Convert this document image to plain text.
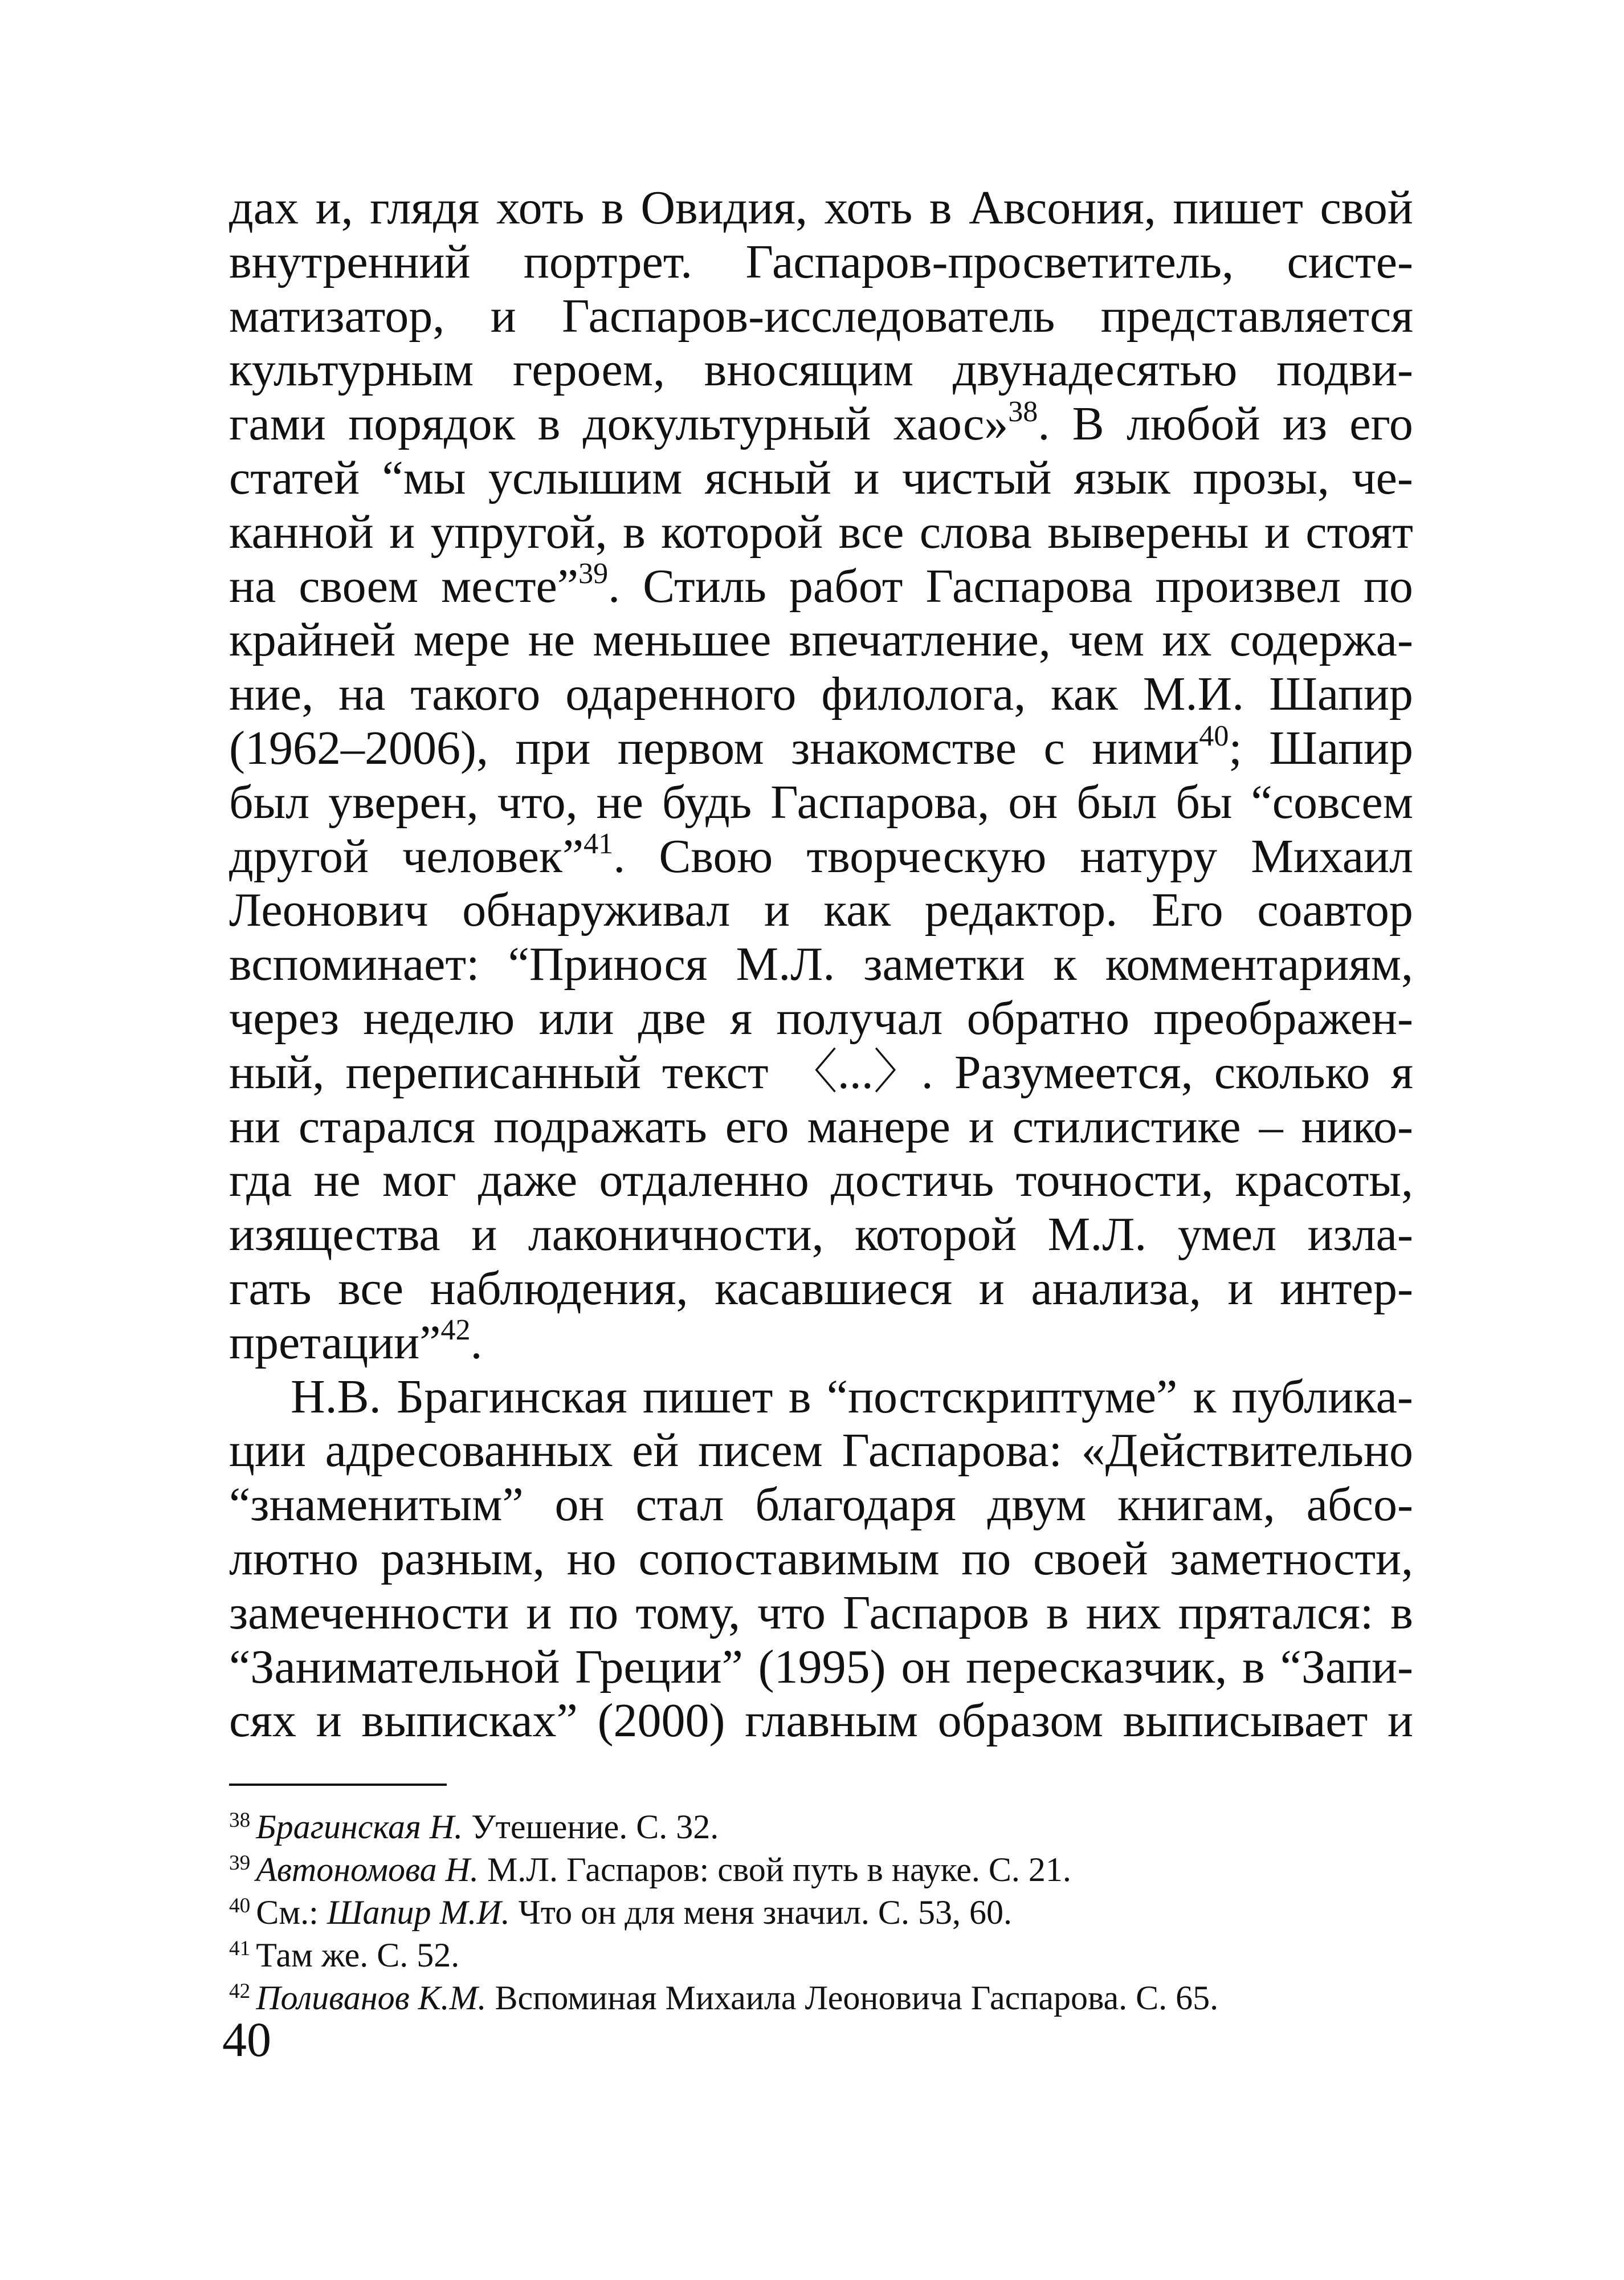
дах и, глядя хоть в Овидия, хоть в Авсония, пишет свой
внутренний портрет. Гаспаров-просветитель, систе-
матизатор, и Гаспаров-исследователь представляется
культурным героем, вносящим двунадесятью подви-
гами порядок в докультурный хаос»$^{38}$. В любой из его
статей “мы услышим ясный и чистый язык прозы, че-
канной и упругой, в которой все слова выверены и стоят
на своем месте”$^{39}$. Стиль работ Гаспарова произвел по
крайней мере не меньшее впечатление, чем их содержа-
ние, на такого одаренного филолога, как М.И. Шапир
(1962–2006), при первом знакомстве с ними$^{40}$; Шапир
был уверен, что, не будь Гаспарова, он был бы “совсем
другой человек”$^{41}$. Свою творческую натуру Михаил
Леонович обнаруживал и как редактор. Его соавтор
вспоминает: “Принося М.Л. заметки к комментариям,
через неделю или две я получал обратно преображен-
ный, переписанный текст 〈...〉. Разумеется, сколько я
ни старался подражать его манере и стилистике – нико-
гда не мог даже отдаленно достичь точности, красоты,
изящества и лаконичности, которой М.Л. умел изла-
гать все наблюдения, касавшиеся и анализа, и интер-
претации”$^{42}$.
Н.В. Брагинская пишет в “постскриптуме” к публика-
ции адресованных ей писем Гаспарова: «Действительно
“знаменитым” он стал благодаря двум книгам, абсо-
лютно разным, но сопоставимым по своей заметности,
замеченности и по тому, что Гаспаров в них прятался: в
“Занимательной Греции” (1995) он пересказчик, в “Запи-
сях и выписках” (2000) главным образом выписывает и
$^{38}$ Брагинская Н. Утешение. С. 32.
$^{39}$ Автономова Н. М.Л. Гаспаров: свой путь в науке. С. 21.
$^{40}$ См.: Шапир М.И. Что он для меня значил. С. 53, 60.
$^{41}$ Там же. С. 52.
$^{42}$ Поливанов К.М. Вспоминая Михаила Леоновича Гаспарова. С. 65.
40
